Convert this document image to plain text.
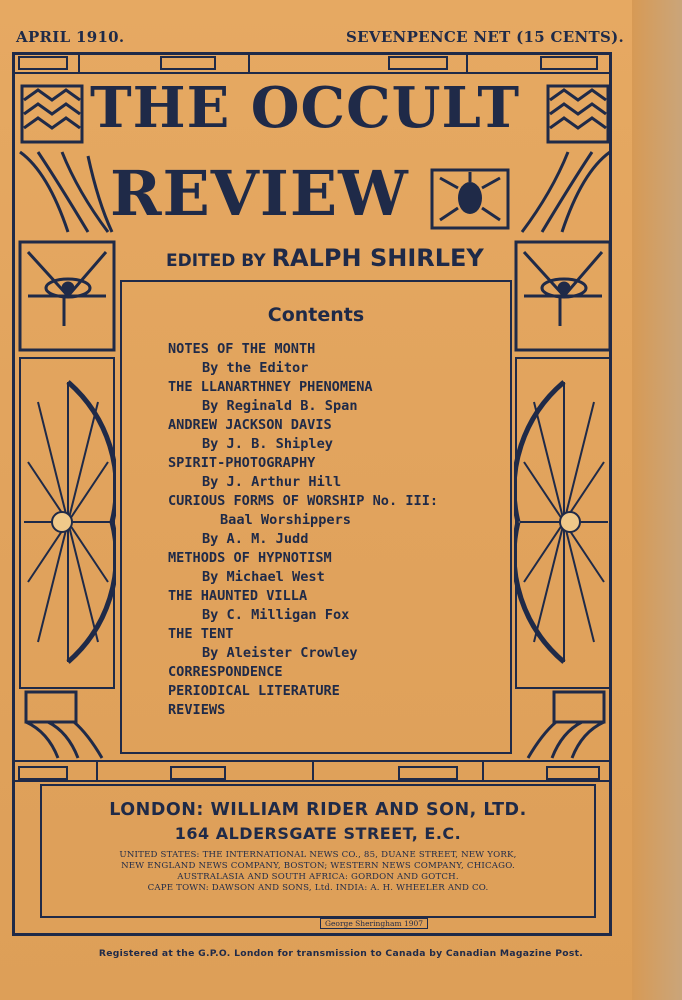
APRIL 1910.	SEVENPENCE NET (15 CENTS).
THE OCCULT
REVIEW
EDITED BY RALPH SHIRLEY
Contents
NOTES OF THE MONTH
By the Editor
THE LLANARTHNEY PHENOMENA
By Reginald B. Span
ANDREW JACKSON DAVIS
By J. B. Shipley
SPIRIT-PHOTOGRAPHY
By J. Arthur Hill
CURIOUS FORMS OF WORSHIP No. III:
Baal Worshippers
By A. M. Judd
METHODS OF HYPNOTISM
By Michael West
THE HAUNTED VILLA
By C. Milligan Fox
THE TENT
By Aleister Crowley
CORRESPONDENCE
PERIODICAL LITERATURE
REVIEWS
LONDON: WILLIAM RIDER AND SON, LTD.
164 ALDERSGATE STREET, E.C.
UNITED STATES: THE INTERNATIONAL NEWS CO., 85, DUANE STREET, NEW YORK,
NEW ENGLAND NEWS COMPANY, BOSTON; WESTERN NEWS COMPANY, CHICAGO.
AUSTRALASIA AND SOUTH AFRICA: GORDON AND GOTCH.
CAPE TOWN: DAWSON AND SONS, Ltd. INDIA: A. H. WHEELER AND CO.
George Sheringham 1907
Registered at the G.P.O. London for transmission to Canada by Canadian Magazine Post.
